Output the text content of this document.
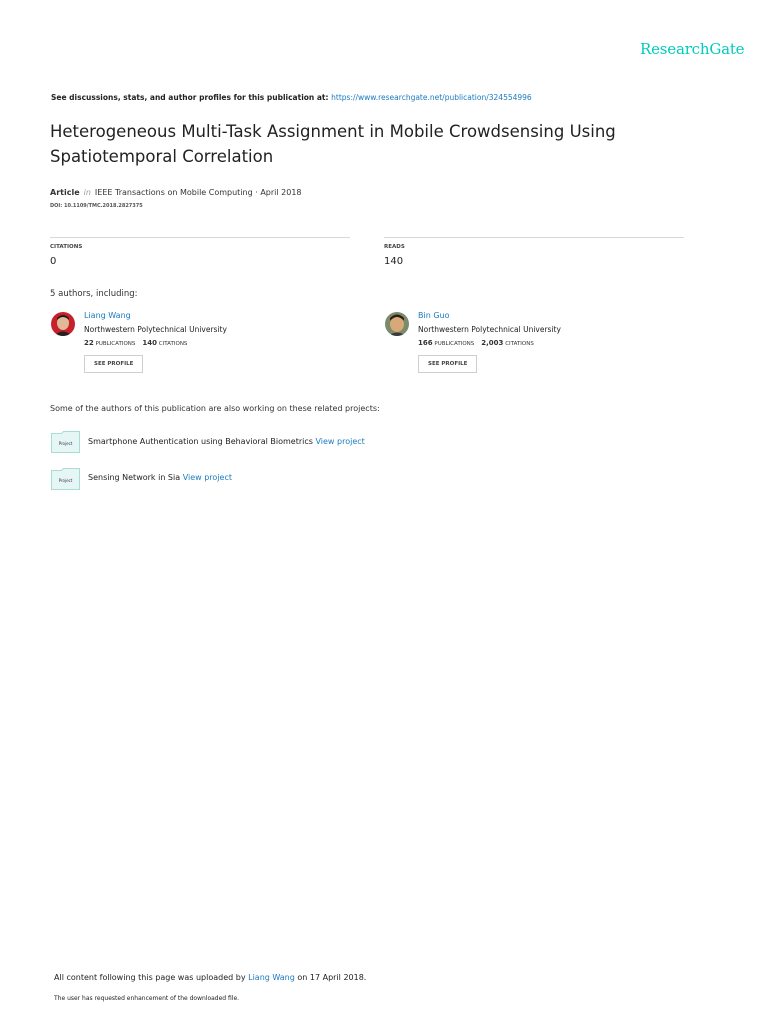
ResearchGate
See discussions, stats, and author profiles for this publication at: https://www.researchgate.net/publication/324554996
Heterogeneous Multi-Task Assignment in Mobile Crowdsensing Using Spatiotemporal Correlation
Article in IEEE Transactions on Mobile Computing · April 2018
DOI: 10.1109/TMC.2018.2827375
CITATIONS
0
READS
140
5 authors, including:
Liang Wang
Northwestern Polytechnical University
22 PUBLICATIONS 140 CITATIONS
SEE PROFILE
Bin Guo
Northwestern Polytechnical University
166 PUBLICATIONS 2,003 CITATIONS
SEE PROFILE
Some of the authors of this publication are also working on these related projects:
Project Smartphone Authentication using Behavioral Biometrics View project
Project Sensing Network in Sia View project
All content following this page was uploaded by Liang Wang on 17 April 2018.
The user has requested enhancement of the downloaded file.
